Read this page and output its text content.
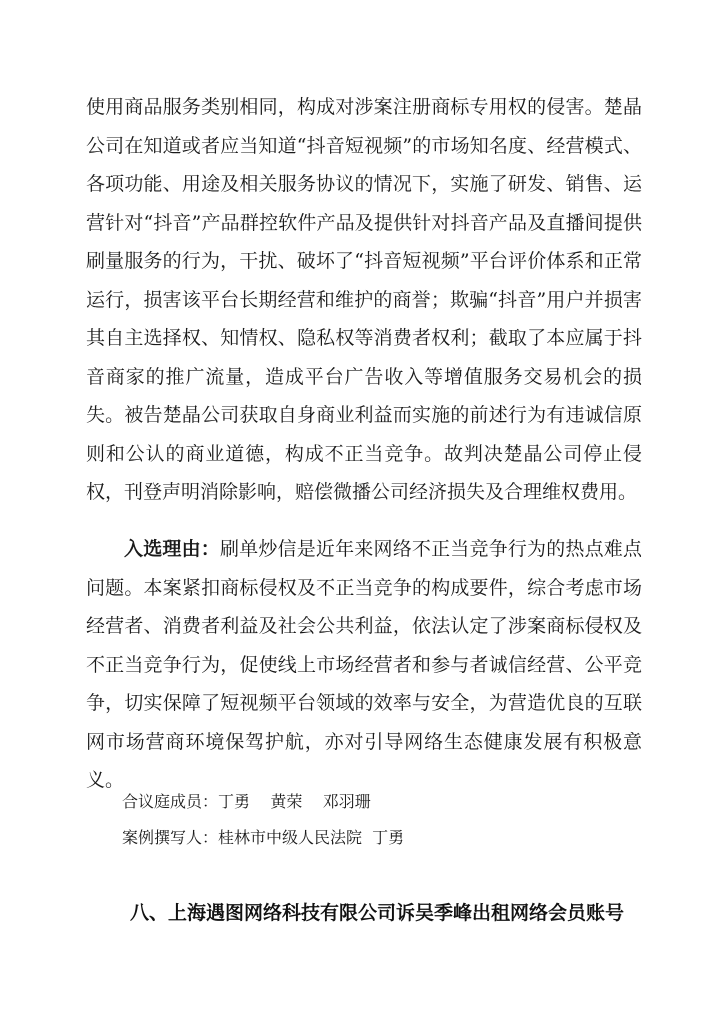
使用商品服务类别相同，构成对涉案注册商标专用权的侵害。楚晶公司在知道或者应当知道“抖音短视频”的市场知名度、经营模式、各项功能、用途及相关服务协议的情况下，实施了研发、销售、运营针对“抖音”产品群控软件产品及提供针对抖音产品及直播间提供刷量服务的行为，干扰、破坏了“抖音短视频”平台评价体系和正常运行，损害该平台长期经营和维护的商誉；欺骗“抖音”用户并损害其自主选择权、知情权、隐私权等消费者权利；截取了本应属于抖音商家的推广流量，造成平台广告收入等增值服务交易机会的损失。被告楚晶公司获取自身商业利益而实施的前述行为有违诚信原则和公认的商业道德，构成不正当竞争。故判决楚晶公司停止侵权，刊登声明消除影响，赔偿微播公司经济损失及合理维权费用。

入选理由：刷单炒信是近年来网络不正当竞争行为的热点难点问题。本案紧扣商标侵权及不正当竞争的构成要件，综合考虑市场经营者、消费者利益及社会公共利益，依法认定了涉案商标侵权及不正当竞争行为，促使线上市场经营者和参与者诚信经营、公平竞争，切实保障了短视频平台领域的效率与安全，为营造优良的互联网市场营商环境保驾护航，亦对引导网络生态健康发展有积极意义。

合议庭成员：丁勇    黄荣    邓羽珊

案例撰写人：桂林市中级人民法院  丁勇

八、上海遇图网络科技有限公司诉吴季峰出租网络会员账号
